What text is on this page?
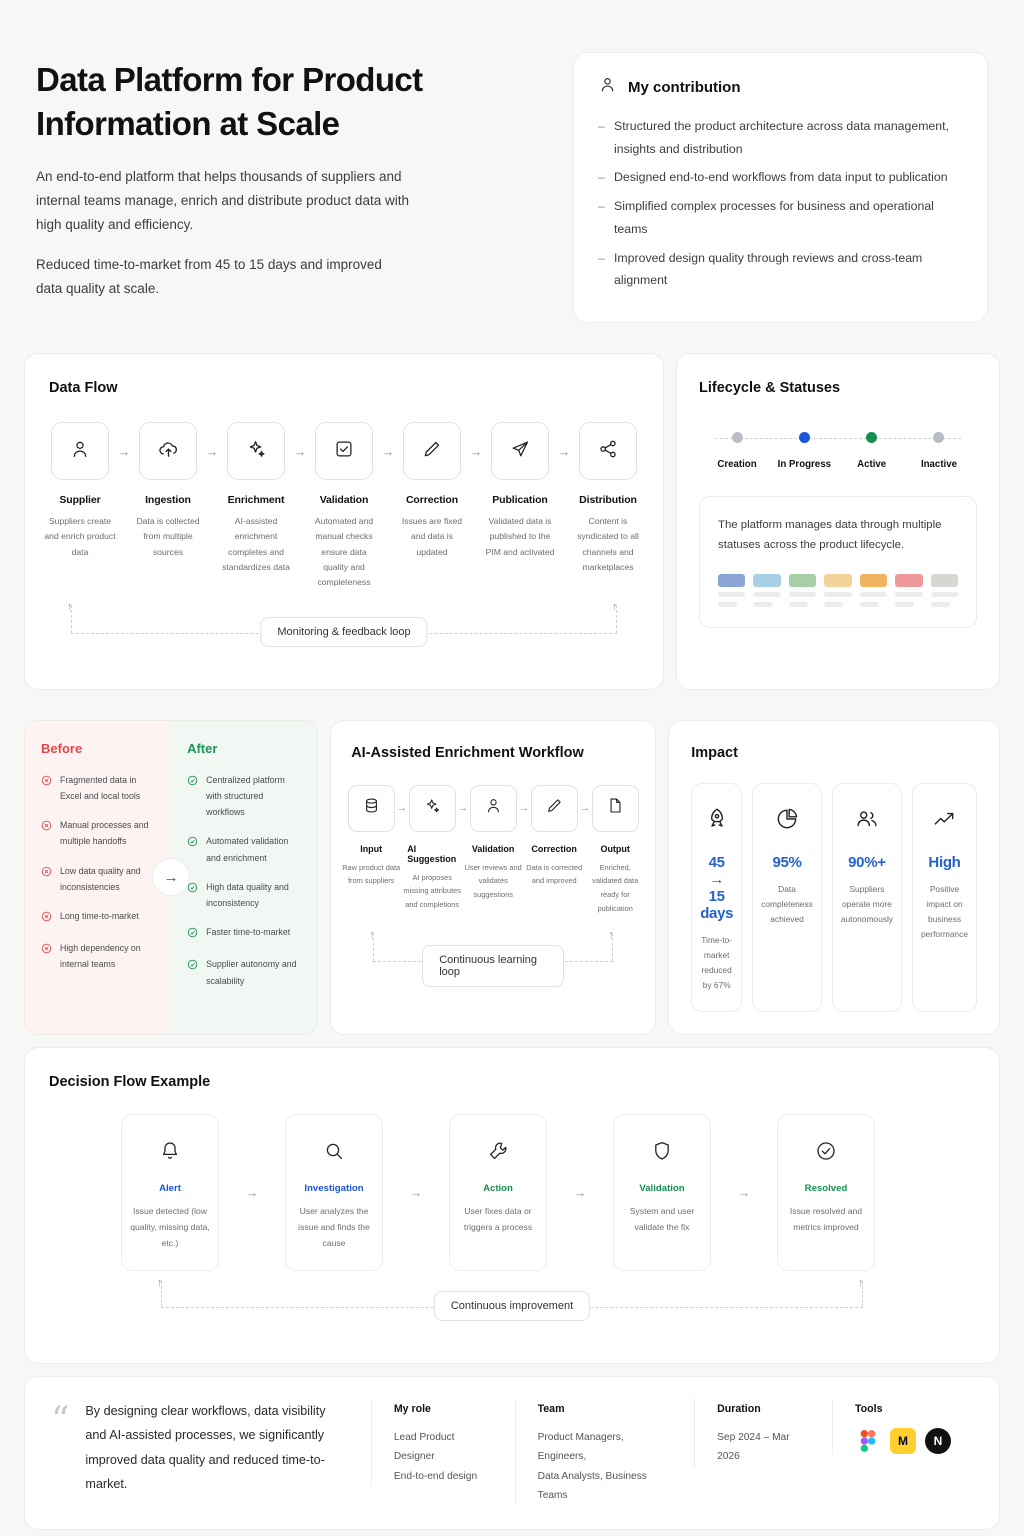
Data Platform for Product Information at Scale

An end-to-end platform that helps thousands of suppliers and internal teams manage, enrich and distribute product data with high quality and efficiency.

Reduced time-to-market from 45 to 15 days and improved data quality at scale.

My contribution
– Structured the product architecture across data management, insights and distribution
– Designed end-to-end workflows from data input to publication
– Simplified complex processes for business and operational teams
– Improved design quality through reviews and cross-team alignment
Data Flow
Supplier
Suppliers create and enrich product data
→
Ingestion
Data is collected from multiple sources
→
Enrichment
AI-assisted enrichment completes and standardizes data
→
Validation
Automated and manual checks ensure data quality and completeness
→
Correction
Issues are fixed and data is updated
→
Publication
Validated data is published to the PIM and activated
→
Distribution
Content is syndicated to all channels and marketplaces
↑	↑
Monitoring & feedback loop
Lifecycle & Statuses
Creation	In Progress	Active	Inactive
The platform manages data through multiple statuses across the product lifecycle.
Before
Fragmented data in Excel and local tools
Manual processes and multiple handoffs
Low data quality and inconsistencies
Long time-to-market
High dependency on internal teams
→
After
Centralized platform with structured workflows
Automated validation and enrichment
High data quality and inconsistency
Faster time-to-market
Supplier autonomy and scalability
AI-Assisted Enrichment Workflow
Input
Raw product data from suppliers
→
AI Suggestion
AI proposes missing attributes and completions
→
Validation
User reviews and validates suggestions
→
Correction
Data is corrected and improved
→
Output
Enriched, validated data ready for publication
↑	↑
Continuous learning loop
Impact
45 → 15 days
Time-to-market reduced by 67%
95%
Data completeness achieved
90%+
Suppliers operate more autonomously
High
Positive impact on business performance
Decision Flow Example
Alert
Issue detected (low quality, missing data, etc.)
→	Investigation
User analyzes the issue and finds the cause
→	Action
User fixes data or triggers a process
→	Validation
System and user validate the fix
→	Resolved
Issue resolved and metrics improved
↑	↑
Continuous improvement
“ By designing clear workflows, data visibility and AI-assisted processes, we significantly improved data quality and reduced time-to-market.
My role
Lead Product Designer
End-to-end design
Team
Product Managers, Engineers,
Data Analysts, Business Teams
Duration
Sep 2024 – Mar 2026
Tools
M	N
